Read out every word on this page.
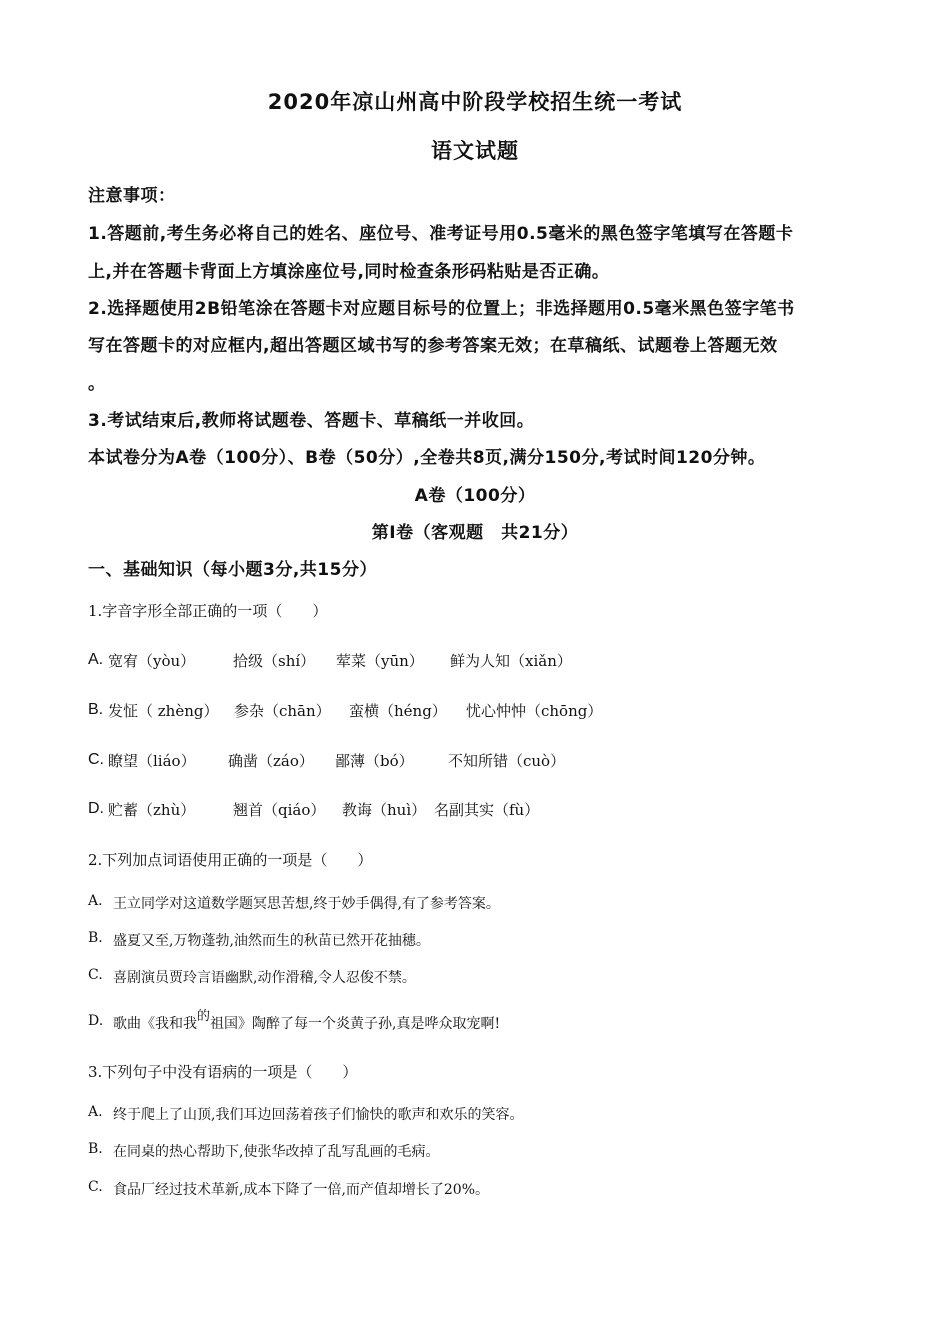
2020年凉山州高中阶段学校招生统一考试
语文试题
注意事项：
1.答题前,考生务必将自己的姓名、座位号、准考证号用0.5毫米的黑色签字笔填写在答题卡
上,并在答题卡背面上方填涂座位号,同时检查条形码粘贴是否正确。
2.选择题使用2B铅笔涂在答题卡对应题目标号的位置上；非选择题用0.5毫米黑色签字笔书
写在答题卡的对应框内,超出答题区域书写的参考答案无效；在草稿纸、试题卷上答题无效
。
3.考试结束后,教师将试题卷、答题卡、草稿纸一并收回。
本试卷分为A卷（100分）、B卷（50分）,全卷共8页,满分150分,考试时间120分钟。
A卷（100分）
第Ⅰ卷（客观题　共21分）
一、基础知识（每小题3分,共15分）
1.字音字形全部正确的一项（　　）
A. 宽宥（yòu）	拾级（shí） 荤菜（yūn） 鲜为人知（xiǎn）
B. 发怔（ zhèng） 参杂（chān） 蛮横（héng） 忧心忡忡（chōng）
C. 瞭望（liáo） 确凿（záo） 鄙薄（bó） 不知所错（cuò）
D. 贮蓄（zhù）	翘首（qiáo） 教诲（huì） 名副其实（fù）
2.下列加点词语使用正确的一项是（　　）
A. 王立同学对这道数学题冥思苦想,终于妙手偶得,有了参考答案。
B. 盛夏又至,万物蓬勃,油然而生的秋苗已然开花抽穗。
C. 喜剧演员贾玲言语幽默,动作滑稽,令人忍俊不禁。
D. 歌曲《我和我的祖国》陶醉了每一个炎黄子孙,真是哗众取宠啊!
3.下列句子中没有语病的一项是（　　）
A. 终于爬上了山顶,我们耳边回荡着孩子们愉快的歌声和欢乐的笑容。
B. 在同桌的热心帮助下,使张华改掉了乱写乱画的毛病。
C. 食品厂经过技术革新,成本下降了一倍,而产值却增长了20%。
